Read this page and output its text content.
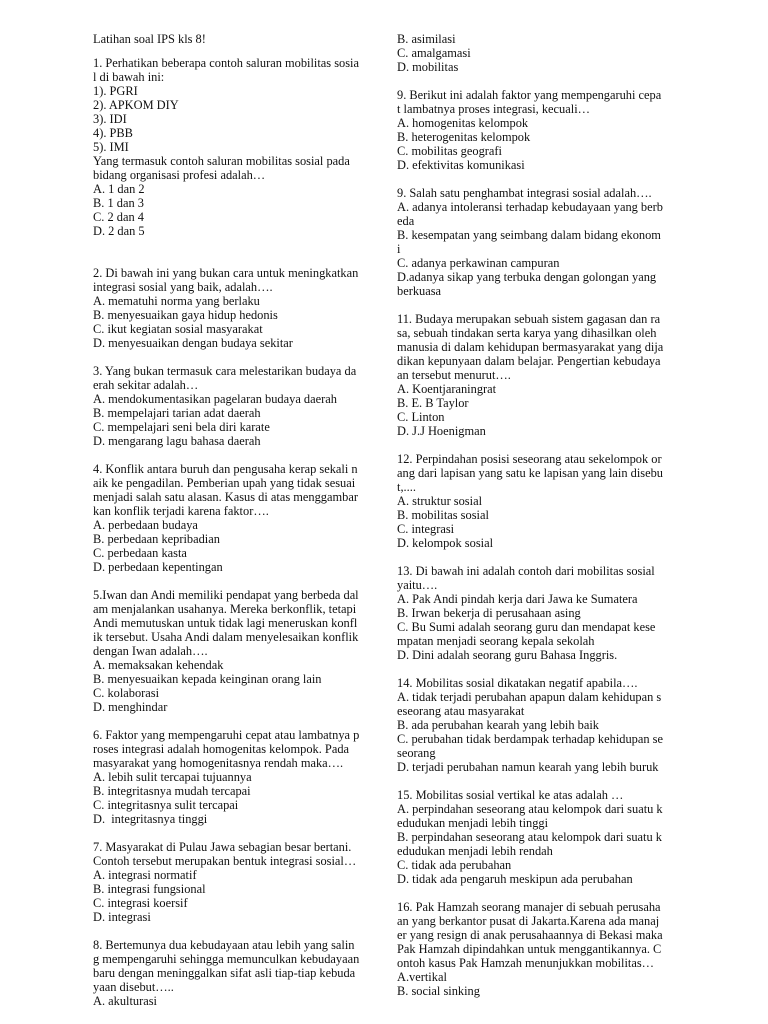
Latihan soal IPS kls 8!

1. Perhatikan beberapa contoh saluran mobilitas sosia
l di bawah ini:
1). PGRI
2). APKOM DIY
3). IDI
4). PBB
5). IMI
Yang termasuk contoh saluran mobilitas sosial pada
bidang organisasi profesi adalah…

A. 1 dan 2

B. 1 dan 3

C. 2 dan 4

D. 2 dan 5

2. Di bawah ini yang bukan cara untuk meningkatkan
integrasi sosial yang baik, adalah….

A. mematuhi norma yang berlaku

B. menyesuaikan gaya hidup hedonis

C. ikut kegiatan sosial masyarakat

D. menyesuaikan dengan budaya sekitar

3. Yang bukan termasuk cara melestarikan budaya da
erah sekitar adalah…

A. mendokumentasikan pagelaran budaya daerah

B. mempelajari tarian adat daerah

C. mempelajari seni bela diri karate

D. mengarang lagu bahasa daerah

4. Konflik antara buruh dan pengusaha kerap sekali n
aik ke pengadilan. Pemberian upah yang tidak sesuai
menjadi salah satu alasan. Kasus di atas menggambar
kan konflik terjadi karena faktor….

A. perbedaan budaya

B. perbedaan kepribadian

C. perbedaan kasta

D. perbedaan kepentingan

5.Iwan dan Andi memiliki pendapat yang berbeda dal
am menjalankan usahanya. Mereka berkonflik, tetapi
Andi memutuskan untuk tidak lagi meneruskan konfl
ik tersebut. Usaha Andi dalam menyelesaikan konflik
dengan Iwan adalah….

A. memaksakan kehendak

B. menyesuaikan kepada keinginan orang lain

C. kolaborasi

D. menghindar

6. Faktor yang mempengaruhi cepat atau lambatnya p
roses integrasi adalah homogenitas kelompok. Pada
masyarakat yang homogenitasnya rendah maka….

A. lebih sulit tercapai tujuannya

B. integritasnya mudah tercapai

C. integritasnya sulit tercapai

D.  integritasnya tinggi

7. Masyarakat di Pulau Jawa sebagian besar bertani.
Contoh tersebut merupakan bentuk integrasi sosial…

A. integrasi normatif

B. integrasi fungsional

C. integrasi koersif

D. integrasi

8. Bertemunya dua kebudayaan atau lebih yang salin
g mempengaruhi sehingga memunculkan kebudayaan
baru dengan meninggalkan sifat asli tiap-tiap kebuda
yaan disebut…..

A. akulturasi

B. asimilasi

C. amalgamasi

D. mobilitas

9. Berikut ini adalah faktor yang mempengaruhi cepa
t lambatnya proses integrasi, kecuali…

A. homogenitas kelompok

B. heterogenitas kelompok

C. mobilitas geografi

D. efektivitas komunikasi

9. Salah satu penghambat integrasi sosial adalah….

A. adanya intoleransi terhadap kebudayaan yang berb
eda

B. kesempatan yang seimbang dalam bidang ekonom
i

C. adanya perkawinan campuran

D.adanya sikap yang terbuka dengan golongan yang
berkuasa

11. Budaya merupakan sebuah sistem gagasan dan ra
sa, sebuah tindakan serta karya yang dihasilkan oleh
manusia di dalam kehidupan bermasyarakat yang dija
dikan kepunyaan dalam belajar. Pengertian kebudaya
an tersebut menurut….

A. Koentjaraningrat

B. E. B Taylor

C. Linton

D. J.J Hoenigman

12. Perpindahan posisi seseorang atau sekelompok or
ang dari lapisan yang satu ke lapisan yang lain disebu
t,....

A. struktur sosial

B. mobilitas sosial

C. integrasi

D. kelompok sosial

13. Di bawah ini adalah contoh dari mobilitas sosial
yaitu….

A. Pak Andi pindah kerja dari Jawa ke Sumatera

B. Irwan bekerja di perusahaan asing

C. Bu Sumi adalah seorang guru dan mendapat kese
mpatan menjadi seorang kepala sekolah

D. Dini adalah seorang guru Bahasa Inggris.

14. Mobilitas sosial dikatakan negatif apabila….

A. tidak terjadi perubahan apapun dalam kehidupan s
eseorang atau masyarakat

B. ada perubahan kearah yang lebih baik

C. perubahan tidak berdampak terhadap kehidupan se
seorang

D. terjadi perubahan namun kearah yang lebih buruk

15. Mobilitas sosial vertikal ke atas adalah …

A. perpindahan seseorang atau kelompok dari suatu k
edudukan menjadi lebih tinggi

B. perpindahan seseorang atau kelompok dari suatu k
edudukan menjadi lebih rendah

C. tidak ada perubahan

D. tidak ada pengaruh meskipun ada perubahan

16. Pak Hamzah seorang manajer di sebuah perusaha
an yang berkantor pusat di Jakarta.Karena ada manaj
er yang resign di anak perusahaannya di Bekasi maka
Pak Hamzah dipindahkan untuk menggantikannya. C
ontoh kasus Pak Hamzah menunjukkan mobilitas…

A.vertikal

B. social sinking
